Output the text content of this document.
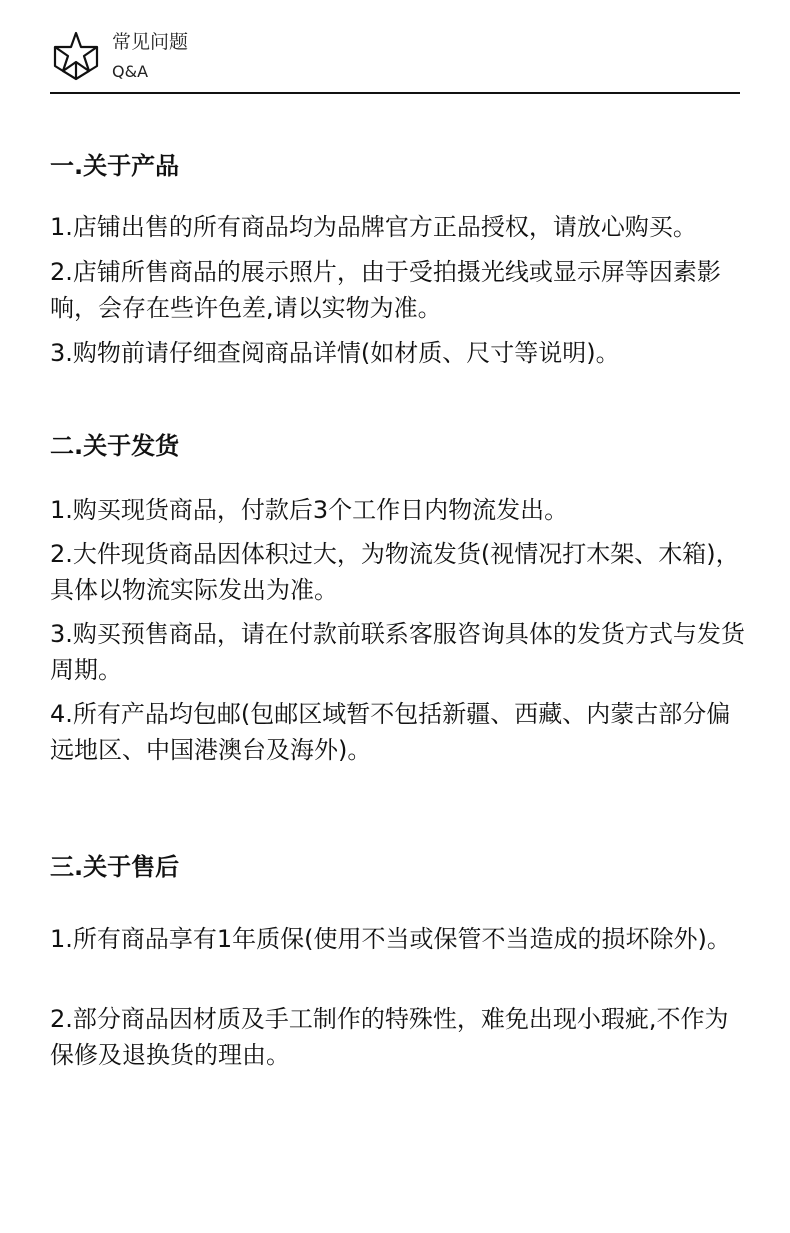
常见问题
Q&A
一.关于产品
1.店铺出售的所有商品均为品牌官方正品授权，请放心购买。
2.店铺所售商品的展示照片，由于受拍摄光线或显示屏等因素影响，会存在些许色差,请以实物为准。
3.购物前请仔细查阅商品详情(如材质、尺寸等说明)。
二.关于发货
1.购买现货商品，付款后3个工作日内物流发出。
2.大件现货商品因体积过大，为物流发货(视情况打木架、木箱)，具体以物流实际发出为准。
3.购买预售商品，请在付款前联系客服咨询具体的发货方式与发货周期。
4.所有产品均包邮(包邮区域暂不包括新疆、西藏、内蒙古部分偏远地区、中国港澳台及海外)。
三.关于售后
1.所有商品享有1年质保(使用不当或保管不当造成的损坏除外)。
2.部分商品因材质及手工制作的特殊性，难免出现小瑕疵,不作为保修及退换货的理由。
